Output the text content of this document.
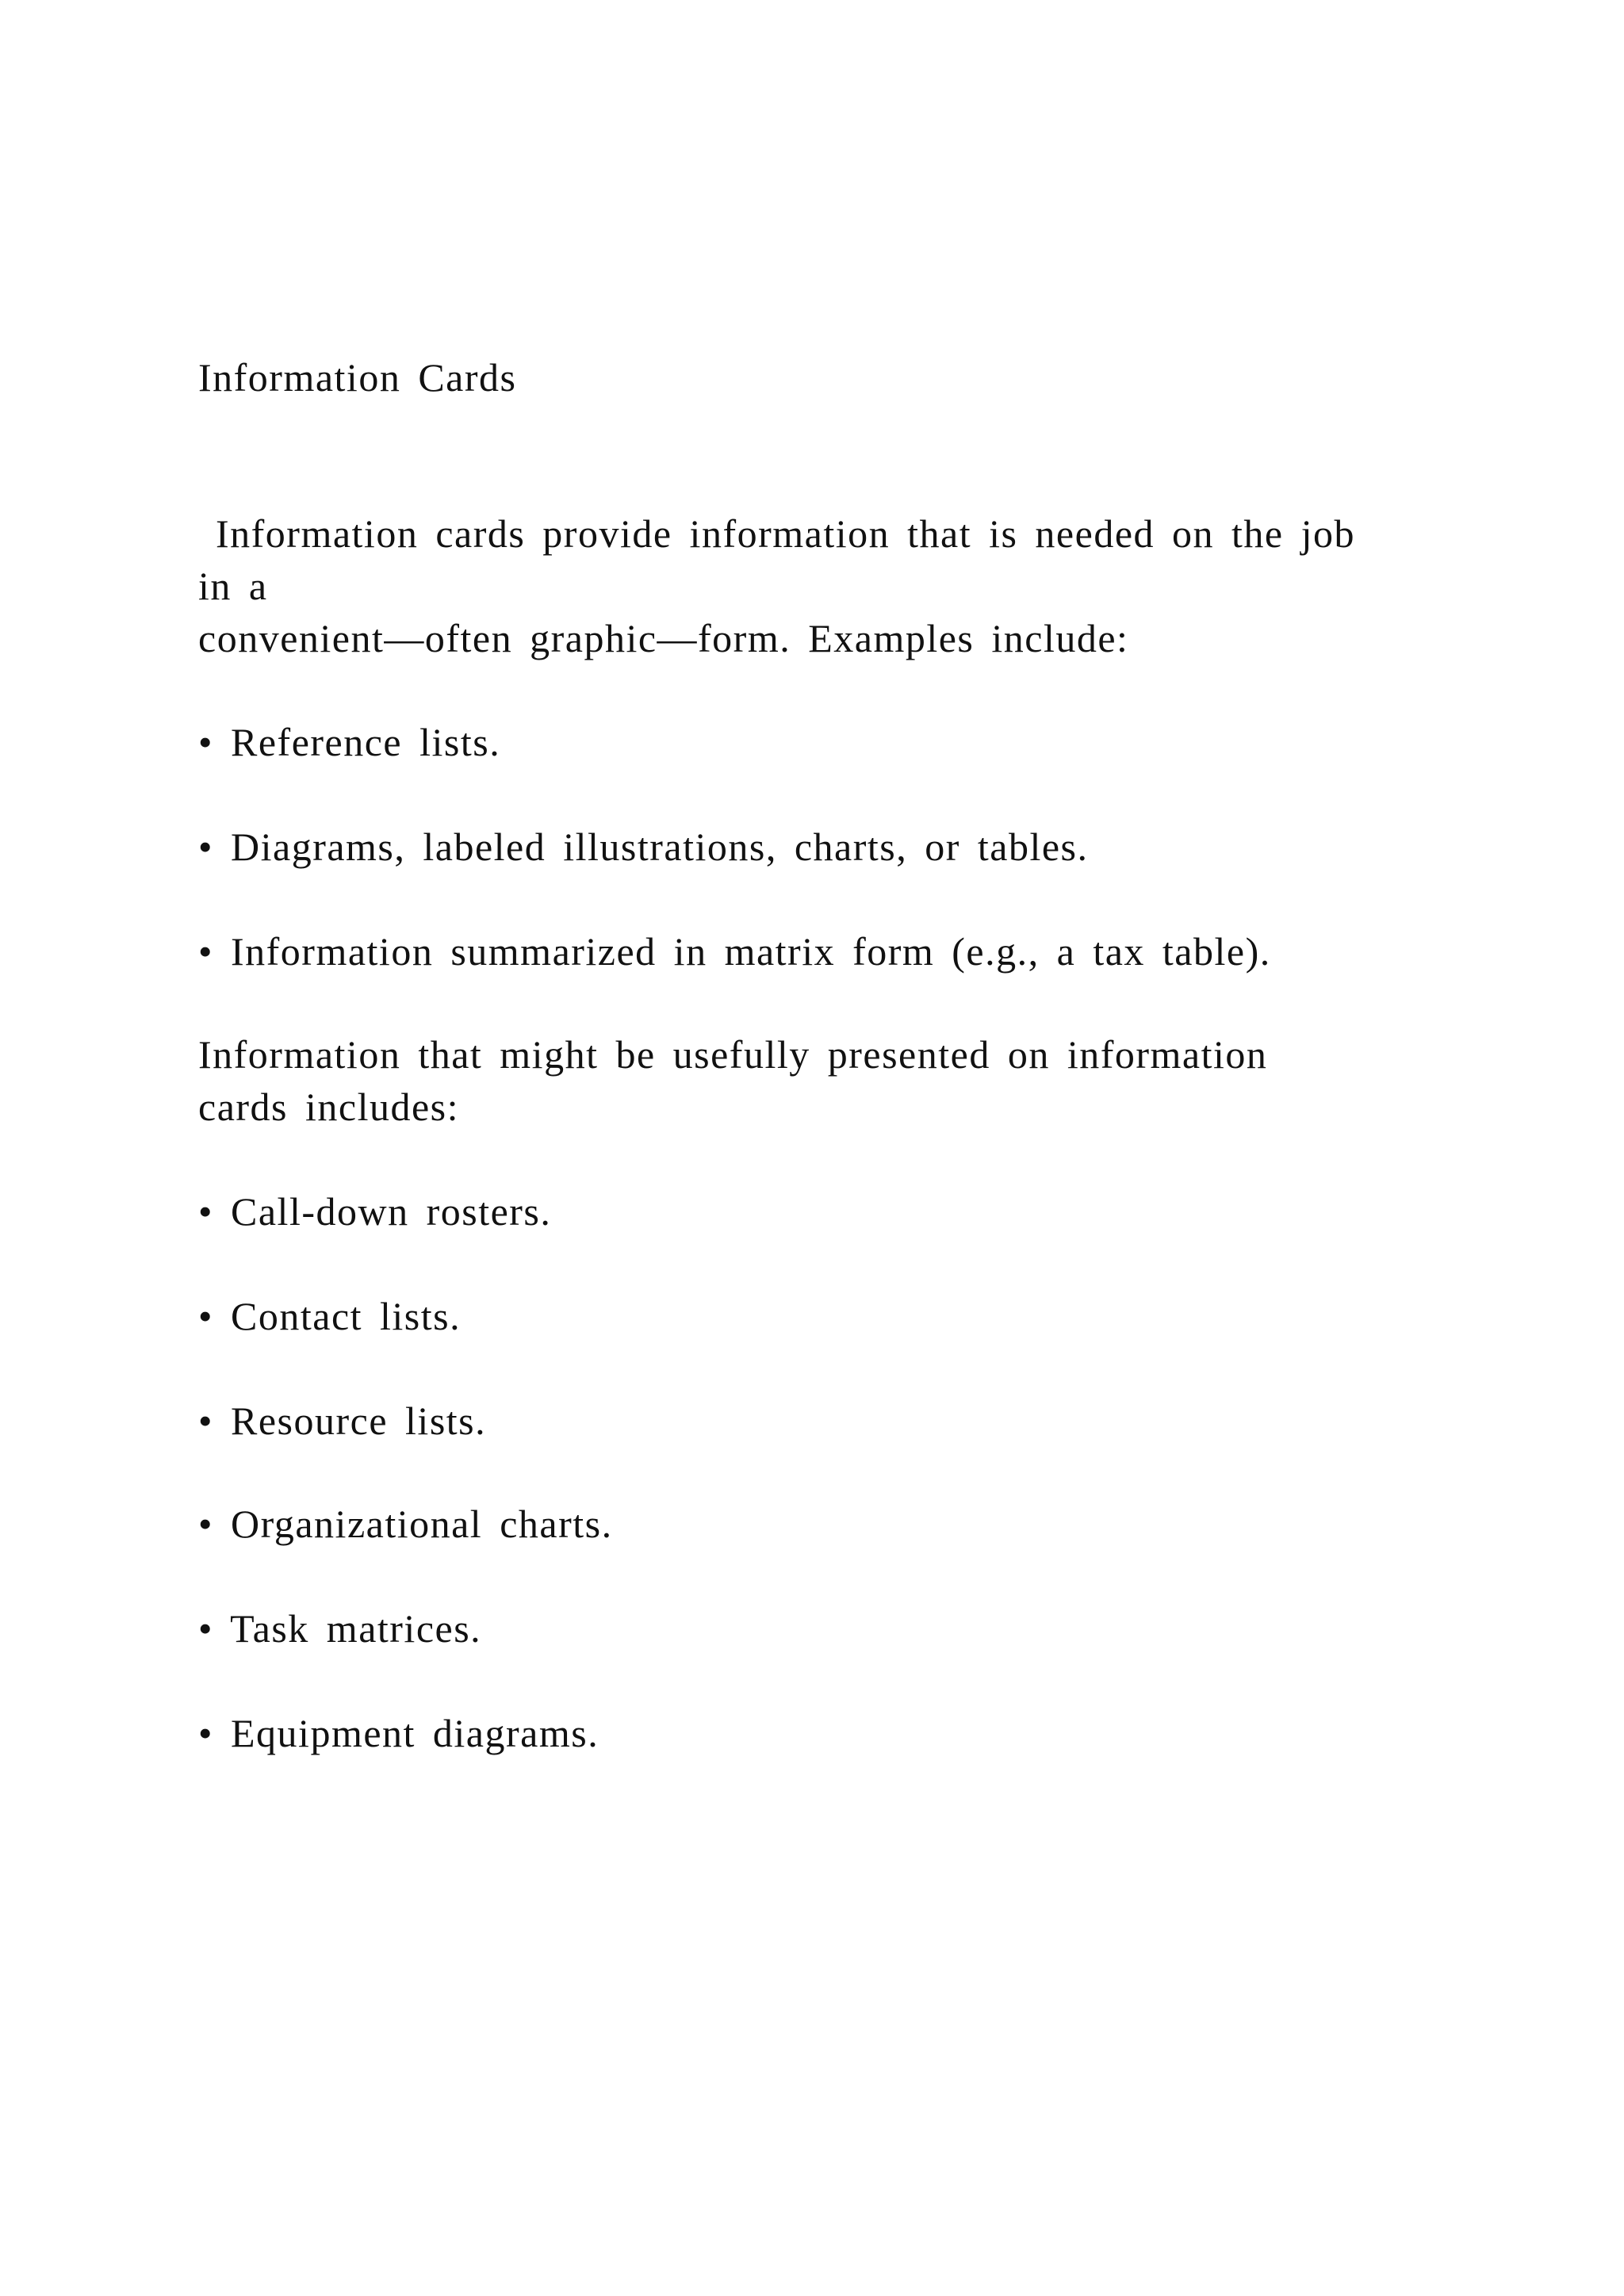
Information Cards
Information cards provide information that is needed on the job
in a
convenient—often graphic—form. Examples include:
• Reference lists.
• Diagrams, labeled illustrations, charts, or tables.
• Information summarized in matrix form (e.g., a tax table).
Information that might be usefully presented on information
cards includes:
• Call-down rosters.
• Contact lists.
• Resource lists.
• Organizational charts.
• Task matrices.
• Equipment diagrams.
